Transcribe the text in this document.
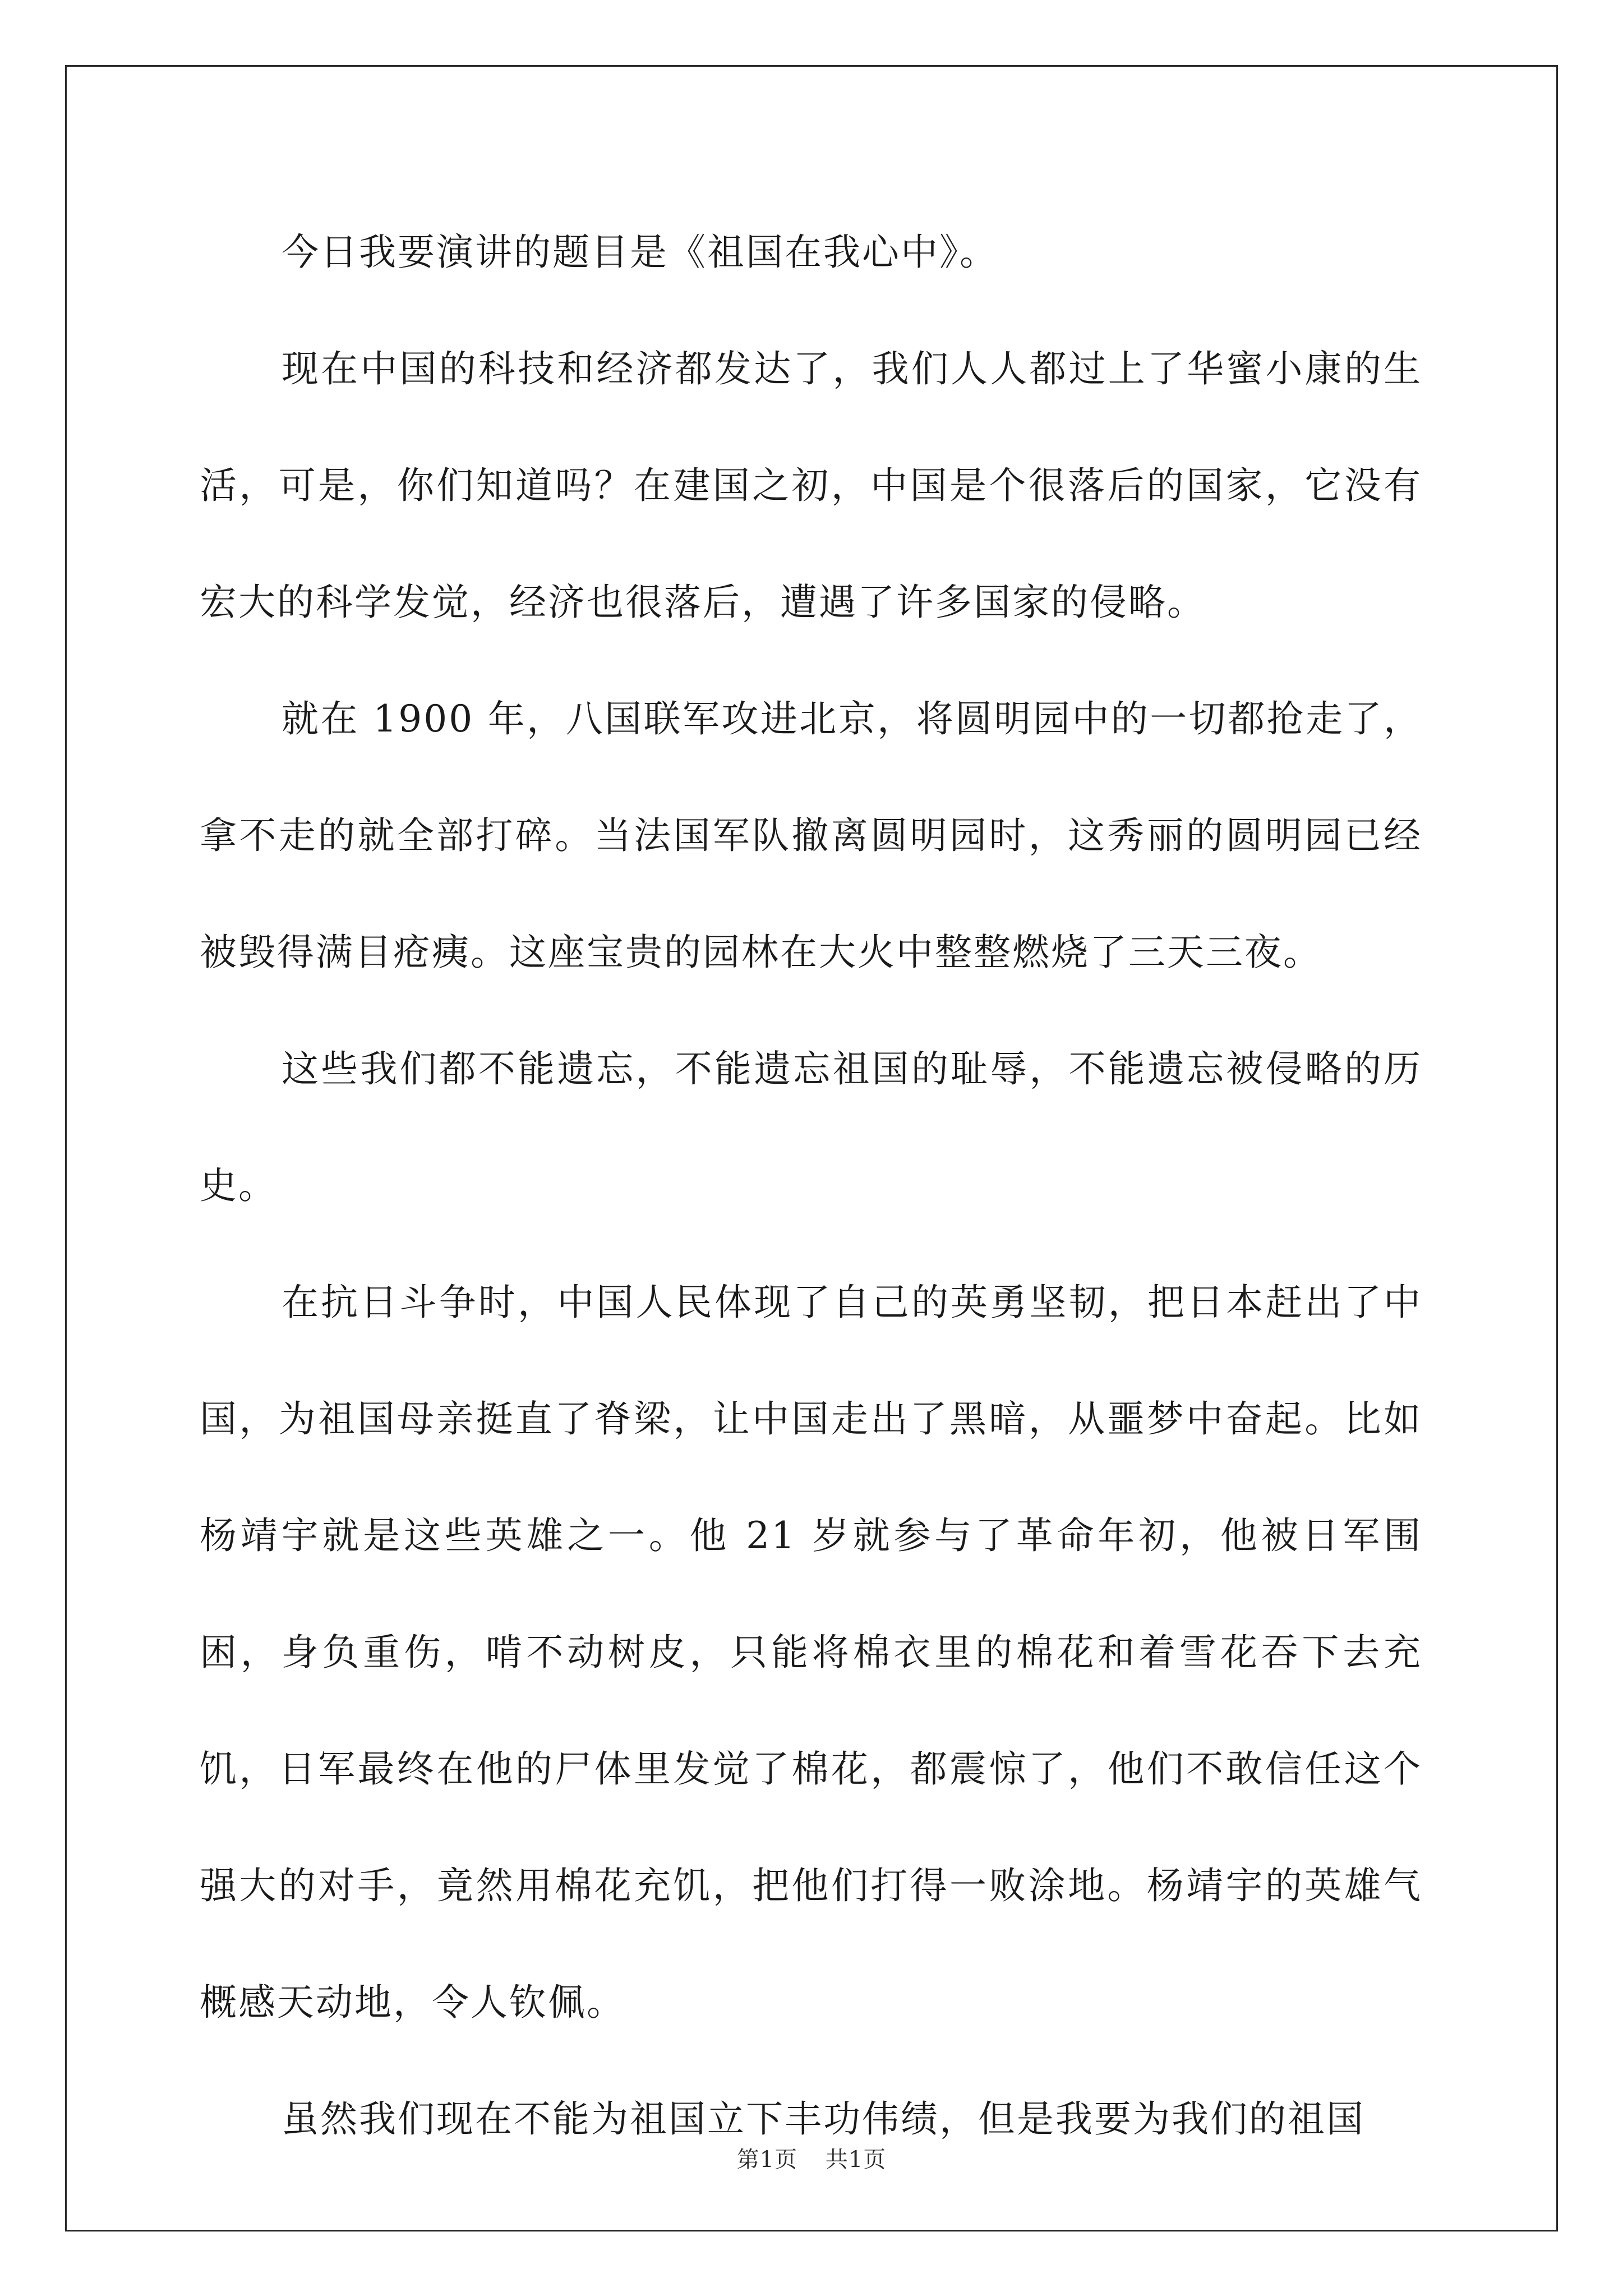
今日我要演讲的题目是《祖国在我心中》。

现在中国的科技和经济都发达了，我们人人都过上了华蜜小康的生活，可是，你们知道吗？在建国之初，中国是个很落后的国家，它没有宏大的科学发觉，经济也很落后，遭遇了许多国家的侵略。

就在 1900 年，八国联军攻进北京，将圆明园中的一切都抢走了，拿不走的就全部打碎。当法国军队撤离圆明园时，这秀丽的圆明园已经被毁得满目疮痍。这座宝贵的园林在大火中整整燃烧了三天三夜。

这些我们都不能遗忘，不能遗忘祖国的耻辱，不能遗忘被侵略的历史。

在抗日斗争时，中国人民体现了自己的英勇坚韧，把日本赶出了中国，为祖国母亲挺直了脊梁，让中国走出了黑暗，从噩梦中奋起。比如杨靖宇就是这些英雄之一。他 21 岁就参与了革命年初，他被日军围困，身负重伤，啃不动树皮，只能将棉衣里的棉花和着雪花吞下去充饥，日军最终在他的尸体里发觉了棉花，都震惊了，他们不敢信任这个强大的对手，竟然用棉花充饥，把他们打得一败涂地。杨靖宇的英雄气概感天动地，令人钦佩。

虽然我们现在不能为祖国立下丰功伟绩，但是我要为我们的祖国

第1页 共1页
